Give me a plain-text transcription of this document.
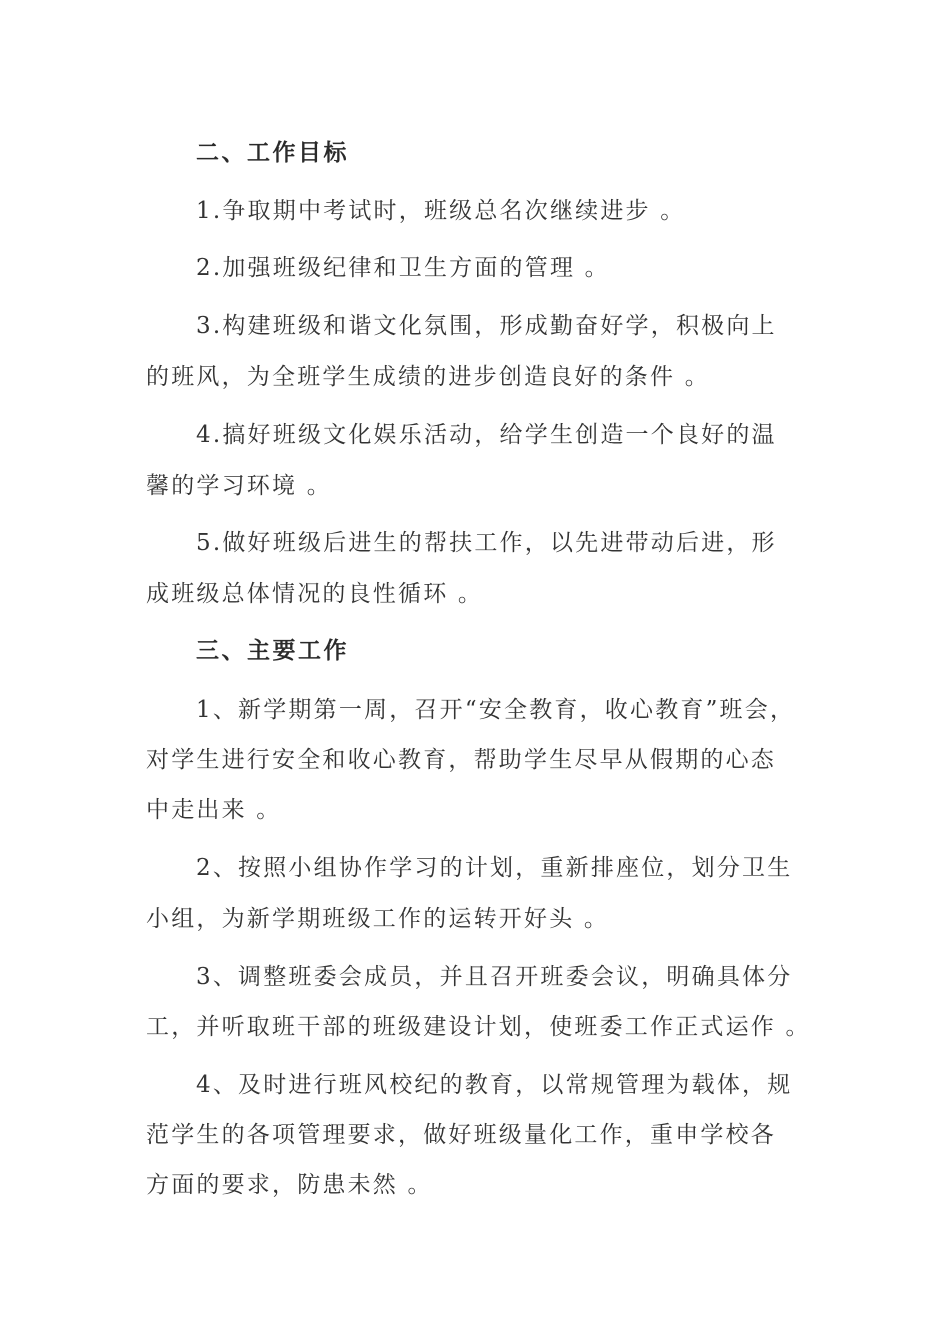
二、工作目标
1.争取期中考试时，班级总名次继续进步 。
2.加强班级纪律和卫生方面的管理 。
3.构建班级和谐文化氛围，形成勤奋好学，积极向上
的班风，为全班学生成绩的进步创造良好的条件 。
4.搞好班级文化娱乐活动，给学生创造一个良好的温
馨的学习环境 。
5.做好班级后进生的帮扶工作，以先进带动后进，形
成班级总体情况的良性循环 。
三、主要工作
1、新学期第一周，召开“安全教育，收心教育”班会，
对学生进行安全和收心教育，帮助学生尽早从假期的心态
中走出来 。
2、按照小组协作学习的计划，重新排座位，划分卫生
小组，为新学期班级工作的运转开好头 。
3、调整班委会成员，并且召开班委会议，明确具体分
工，并听取班干部的班级建设计划，使班委工作正式运作 。
4、及时进行班风校纪的教育，以常规管理为载体，规
范学生的各项管理要求，做好班级量化工作，重申学校各
方面的要求，防患未然 。
